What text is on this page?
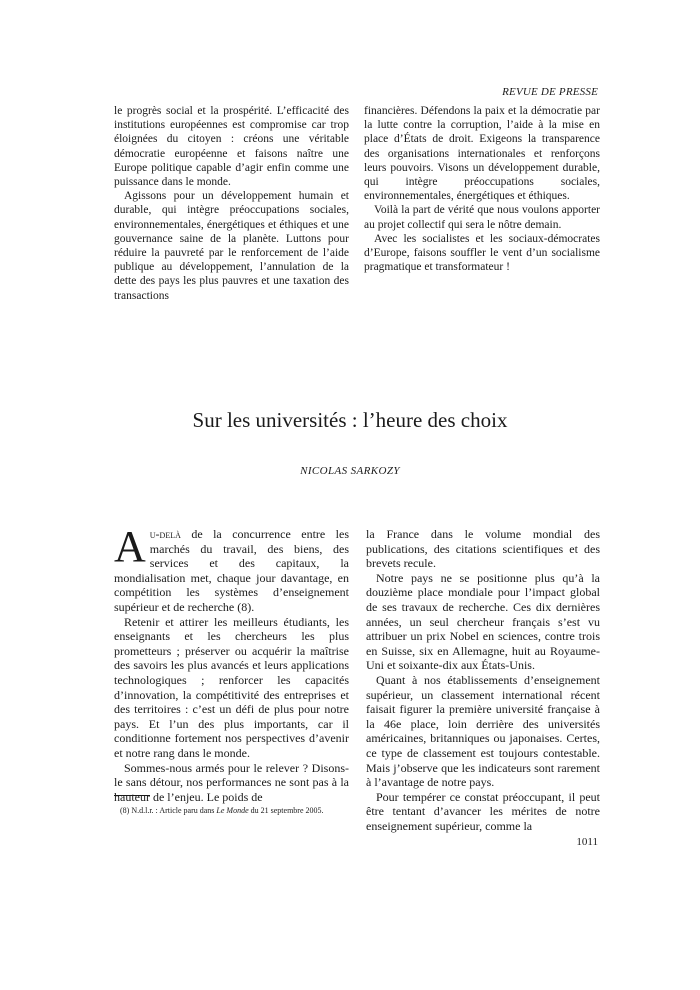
REVUE DE PRESSE

le progrès social et la prospérité. L’efficacité des institutions européennes est compromise car trop éloignées du citoyen : créons une véritable démocratie européenne et faisons naître une Europe politique capable d’agir enfin comme une puissance dans le monde.

Agissons pour un développement humain et durable, qui intègre préoccupations sociales, environnementales, énergétiques et éthiques et une gouvernance saine de la planète. Luttons pour réduire la pauvreté par le renforcement de l’aide publique au développement, l’annulation de la dette des pays les plus pauvres et une taxation des transactions

financières. Défendons la paix et la démocratie par la lutte contre la corruption, l’aide à la mise en place d’États de droit. Exigeons la transparence des organisations internationales et renforçons leurs pouvoirs. Visons un développement durable, qui intègre préoccupations sociales, environnementales, énergétiques et éthiques.

Voilà la part de vérité que nous voulons apporter au projet collectif qui sera le nôtre demain.

Avec les socialistes et les sociaux-démocrates d’Europe, faisons souffler le vent d’un socialisme pragmatique et transformateur !

Sur les universités : l’heure des choix
NICOLAS SARKOZY

Au-delà de la concurrence entre les marchés du travail, des biens, des services et des capitaux, la mondialisation met, chaque jour davantage, en compétition les systèmes d’enseignement supérieur et de recherche (8).

Retenir et attirer les meilleurs étudiants, les enseignants et les chercheurs les plus prometteurs ; préserver ou acquérir la maîtrise des savoirs les plus avancés et leurs applications technologiques ; renforcer les capacités d’innovation, la compétitivité des entreprises et des territoires : c’est un défi de plus pour notre pays. Et l’un des plus importants, car il conditionne fortement nos perspectives d’avenir et notre rang dans le monde.

Sommes-nous armés pour le relever ? Disons-le sans détour, nos performances ne sont pas à la hauteur de l’enjeu. Le poids de

la France dans le volume mondial des publications, des citations scientifiques et des brevets recule.

Notre pays ne se positionne plus qu’à la douzième place mondiale pour l’impact global de ses travaux de recherche. Ces dix dernières années, un seul chercheur français s’est vu attribuer un prix Nobel en sciences, contre trois en Suisse, six en Allemagne, huit au Royaume-Uni et soixante-dix aux États-Unis.

Quant à nos établissements d’enseignement supérieur, un classement international récent faisait figurer la première université française à la 46e place, loin derrière des universités américaines, britanniques ou japonaises. Certes, ce type de classement est toujours contestable. Mais j’observe que les indicateurs sont rarement à l’avantage de notre pays.

Pour tempérer ce constat préoccupant, il peut être tentant d’avancer les mérites de notre enseignement supérieur, comme la

(8) N.d.l.r. : Article paru dans Le Monde du 21 septembre 2005.
1011
